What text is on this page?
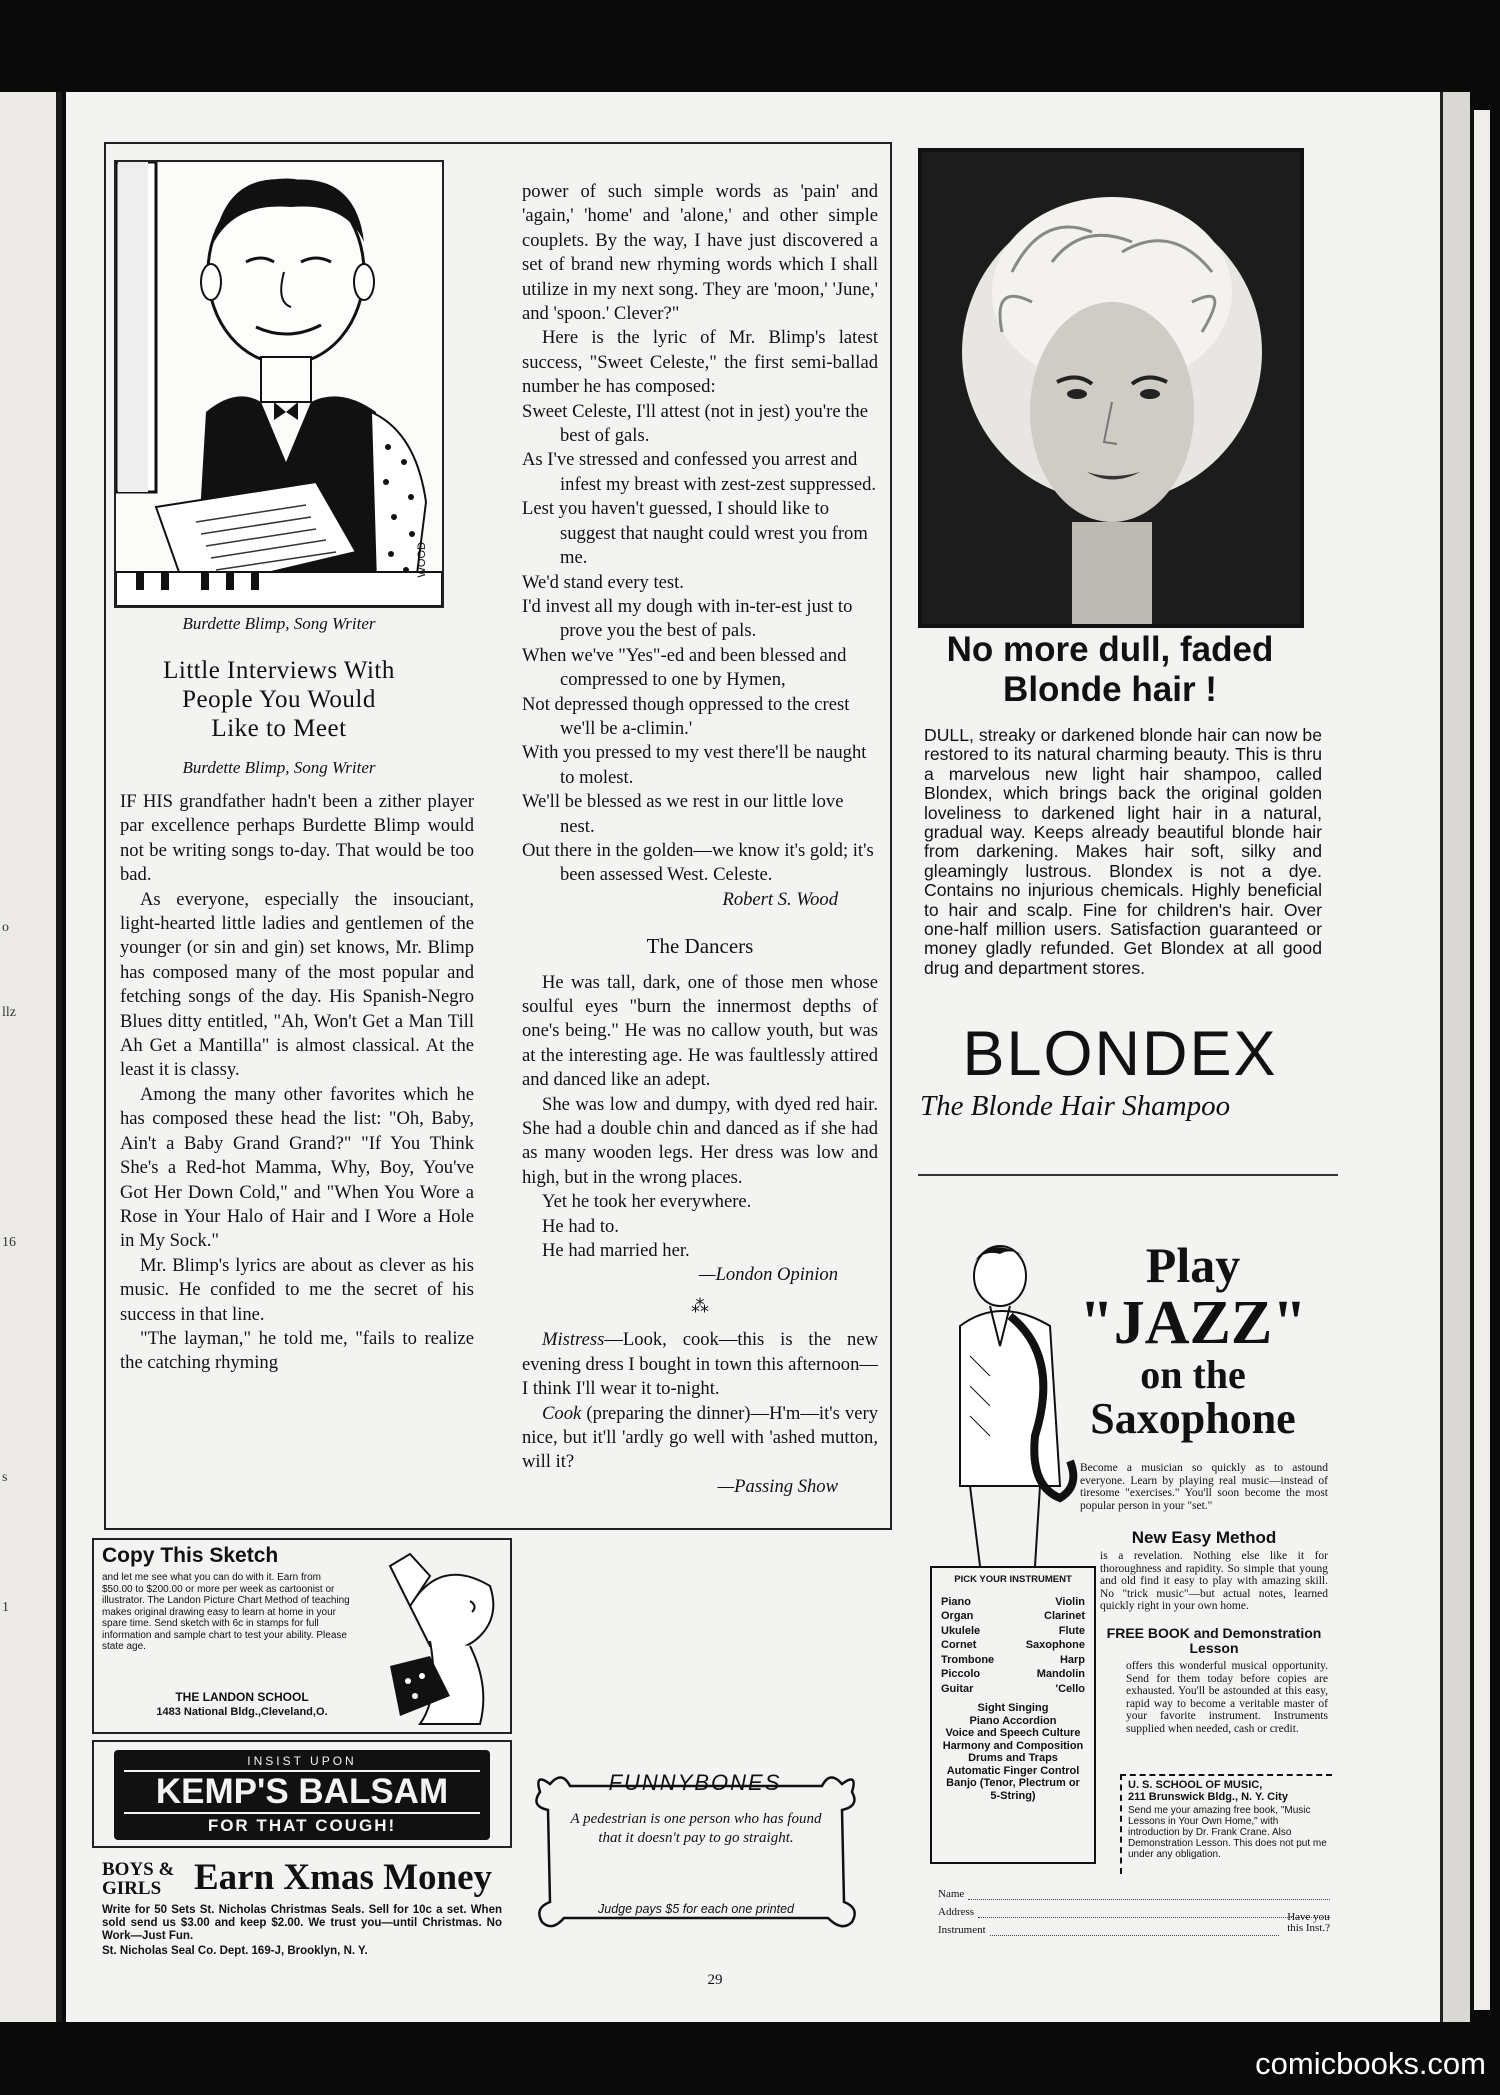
o
llz
16
s
1
WOOD
Burdette Blimp, Song Writer
Little Interviews With
People You Would
Like to Meet
Burdette Blimp, Song Writer

IF HIS grandfather hadn't been a zither player par excellence perhaps Burdette Blimp would not be writing songs to-day. That would be too bad.

As everyone, especially the insouciant, light-hearted little ladies and gentlemen of the younger (or sin and gin) set knows, Mr. Blimp has composed many of the most popular and fetching songs of the day. His Spanish-Negro Blues ditty entitled, "Ah, Won't Get a Man Till Ah Get a Mantilla" is almost classical. At the least it is classy.

Among the many other favorites which he has composed these head the list: "Oh, Baby, Ain't a Baby Grand Grand?" "If You Think She's a Red-hot Mamma, Why, Boy, You've Got Her Down Cold," and "When You Wore a Rose in Your Halo of Hair and I Wore a Hole in My Sock."

Mr. Blimp's lyrics are about as clever as his music. He confided to me the secret of his success in that line.

"The layman," he told me, "fails to realize the catching rhyming

power of such simple words as 'pain' and 'again,' 'home' and 'alone,' and other simple couplets. By the way, I have just discovered a set of brand new rhyming words which I shall utilize in my next song. They are 'moon,' 'June,' and 'spoon.' Clever?"

Here is the lyric of Mr. Blimp's latest success, "Sweet Celeste," the first semi-ballad number he has composed:

Sweet Celeste, I'll attest (not in jest) you're the best of gals.

As I've stressed and confessed you arrest and infest my breast with zest-zest suppressed.

Lest you haven't guessed, I should like to suggest that naught could wrest you from me.

We'd stand every test.

I'd invest all my dough with in-ter-est just to prove you the best of pals.

When we've "Yes"-ed and been blessed and compressed to one by Hymen,

Not depressed though oppressed to the crest we'll be a-climin.'

With you pressed to my vest there'll be naught to molest.

We'll be blessed as we rest in our little love nest.

Out there in the golden—we know it's gold; it's been assessed West. Celeste.

Robert S. Wood

The Dancers

He was tall, dark, one of those men whose soulful eyes "burn the innermost depths of one's being." He was no callow youth, but was at the interesting age. He was faultlessly attired and danced like an adept.

She was low and dumpy, with dyed red hair. She had a double chin and danced as if she had as many wooden legs. Her dress was low and high, but in the wrong places.

Yet he took her everywhere.

He had to.

He had married her.

—London Opinion

⁂

Mistress—Look, cook—this is the new evening dress I bought in town this afternoon—I think I'll wear it to-night.

Cook (preparing the dinner)—H'm—it's very nice, but it'll 'ardly go well with 'ashed mutton, will it?

—Passing Show

FUNNYBONES
A pedestrian is one person who has found that it doesn't pay to go straight.
Judge pays $5 for each one printed
Copy This Sketch
and let me see what you can do with it. Earn from $50.00 to $200.00 or more per week as cartoonist or illustrator. The Landon Picture Chart Method of teaching makes original drawing easy to learn at home in your spare time. Send sketch with 6c in stamps for full information and sample chart to test your ability. Please state age.
THE LANDON SCHOOL
1483 National Bldg.,Cleveland,O.
INSIST UPON
KEMP'S BALSAM
FOR THAT COUGH!
BOYS &
GIRLS Earn Xmas Money
Write for 50 Sets St. Nicholas Christmas Seals. Sell for 10c a set. When sold send us $3.00 and keep $2.00. We trust you—until Christmas. No Work—Just Fun.
St. Nicholas Seal Co. Dept. 169-J, Brooklyn, N. Y.
No more dull, faded
Blonde hair !
DULL, streaky or darkened blonde hair can now be restored to its natural charming beauty. This is thru a marvelous new light hair shampoo, called Blondex, which brings back the original golden loveliness to darkened light hair in a natural, gradual way. Keeps already beautiful blonde hair from darkening. Makes hair soft, silky and gleamingly lustrous. Blondex is not a dye. Contains no injurious chemicals. Highly beneficial to hair and scalp. Fine for children's hair. Over one-half million users. Satisfaction guaranteed or money gladly refunded. Get Blondex at all good drug and department stores.
BLONDEX
The Blonde Hair Shampoo
Play
"JAZZ"
on the
Saxophone
Become a musician so quickly as to astound everyone. Learn by playing real music—instead of tiresome "exercises." You'll soon become the most popular person in your "set."
New Easy Method
is a revelation. Nothing else like it for thoroughness and rapidity. So simple that young and old find it easy to play with amazing skill. No "trick music"—but actual notes, learned quickly right in your own home.
FREE BOOK and Demonstration Lesson
offers this wonderful musical opportunity. Send for them today before copies are exhausted. You'll be astounded at this easy, rapid way to become a veritable master of your favorite instrument. Instruments supplied when needed, cash or credit.
PICK YOUR INSTRUMENT
Piano	Violin
Organ	Clarinet
Ukulele	Flute
Cornet	Saxophone
Trombone	Harp
Piccolo	Mandolin
Guitar	'Cello
Sight Singing
Piano Accordion
Voice and Speech Culture
Harmony and Composition
Drums and Traps
Automatic Finger Control
Banjo (Tenor, Plectrum or 5-String)
U. S. SCHOOL OF MUSIC,
211 Brunswick Bldg., N. Y. City
Send me your amazing free book, "Music Lessons in Your Own Home," with introduction by Dr. Frank Crane. Also Demonstration Lesson. This does not put me under any obligation.
Name
Address
Instrument
Have you
this Inst.?
29
comicbooks.com
